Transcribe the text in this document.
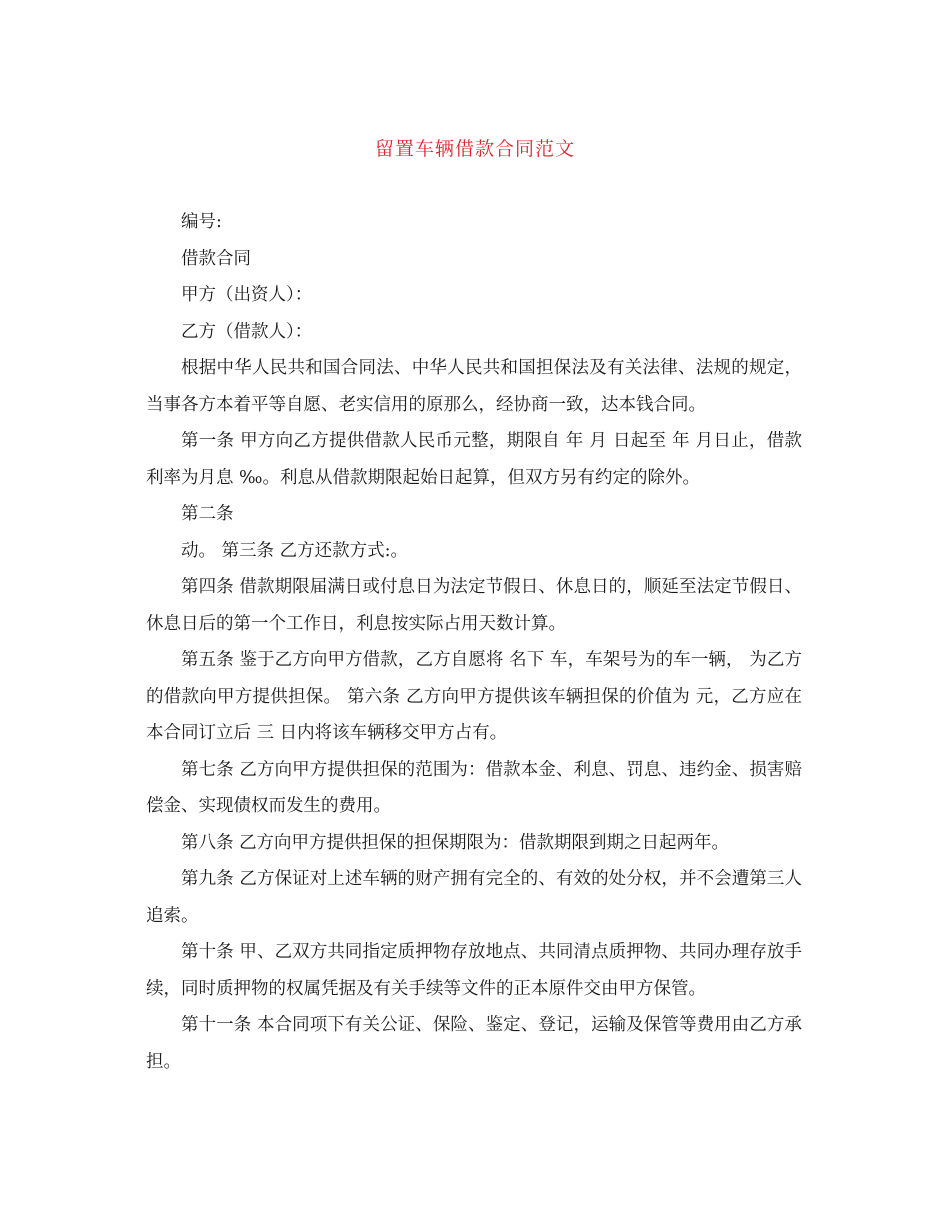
留置车辆借款合同范文

编号:

借款合同

甲方（出资人）：

乙方（借款人）：

根据中华人民共和国合同法、中华人民共和国担保法及有关法律、法规的规定， 当事各方本着平等自愿、老实信用的原那么，经协商一致，达本钱合同。

第一条 甲方向乙方提供借款人民币元整，期限自 年 月 日起至 年 月日止，借款利率为月息 ‰。利息从借款期限起始日起算，但双方另有约定的除外。

第二条

动。 第三条 乙方还款方式:。

第四条 借款期限届满日或付息日为法定节假日、休息日的，顺延至法定节假日、休息日后的第一个工作日，利息按实际占用天数计算。

第五条 鉴于乙方向甲方借款，乙方自愿将 名下 车，车架号为的车一辆， 为乙方的借款向甲方提供担保。 第六条 乙方向甲方提供该车辆担保的价值为 元，乙方应在本合同订立后 三 日内将该车辆移交甲方占有。

第七条 乙方向甲方提供担保的范围为：借款本金、利息、罚息、违约金、损害赔偿金、实现债权而发生的费用。

第八条 乙方向甲方提供担保的担保期限为：借款期限到期之日起两年。

第九条 乙方保证对上述车辆的财产拥有完全的、有效的处分权，并不会遭第三人追索。

第十条 甲、乙双方共同指定质押物存放地点、共同清点质押物、共同办理存放手续，同时质押物的权属凭据及有关手续等文件的正本原件交由甲方保管。

第十一条 本合同项下有关公证、保险、鉴定、登记，运输及保管等费用由乙方承担。
